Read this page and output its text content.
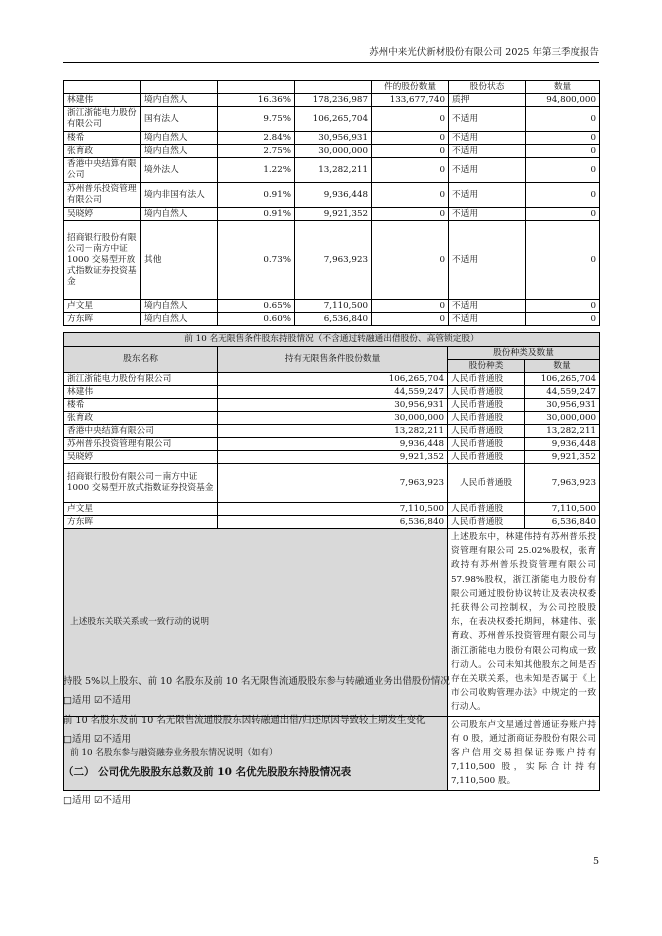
苏州中来光伏新材股份有限公司 2025 年第三季度报告
				件的股份数量	股份状态	数量
林建伟	境内自然人	16.36%	178,236,987	133,677,740	质押	94,800,000
浙江浙能电力股份有限公司	国有法人	9.75%	106,265,704	0	不适用	0
楼希	境内自然人	2.84%	30,956,931	0	不适用	0
张育政	境内自然人	2.75%	30,000,000	0	不适用	0
香港中央结算有限公司	境外法人	1.22%	13,282,211	0	不适用	0
苏州普乐投资管理有限公司	境内非国有法人	0.91%	9,936,448	0	不适用	0
吴晓婷	境内自然人	0.91%	9,921,352	0	不适用	0
招商银行股份有限公司－南方中证 1000 交易型开放式指数证券投资基金	其他	0.73%	7,963,923	0	不适用	0
卢文星	境内自然人	0.65%	7,110,500	0	不适用	0
方东晖	境内自然人	0.60%	6,536,840	0	不适用	0
前 10 名无限售条件股东持股情况（不含通过转融通出借股份、高管锁定股）			
股东名称	持有无限售条件股份数量	股份种类及数量	
		股份种类	数量
浙江浙能电力股份有限公司	106,265,704	人民币普通股	106,265,704
林建伟	44,559,247	人民币普通股	44,559,247
楼希	30,956,931	人民币普通股	30,956,931
张育政	30,000,000	人民币普通股	30,000,000
香港中央结算有限公司	13,282,211	人民币普通股	13,282,211
苏州普乐投资管理有限公司	9,936,448	人民币普通股	9,936,448
吴晓婷	9,921,352	人民币普通股	9,921,352
招商银行股份有限公司－南方中证 1000 交易型开放式指数证券投资基金	7,963,923	人民币普通股	7,963,923
卢文星	7,110,500	人民币普通股	7,110,500
方东晖	6,536,840	人民币普通股	6,536,840
上述股东关联关系或一致行动的说明		上述股东中，林建伟持有苏州普乐投资管理有限公司 25.02%股权，张育政持有苏州普乐投资管理有限公司 57.98%股权，浙江浙能电力股份有限公司通过股份协议转让及表决权委托获得公司控制权，为公司控股股东，在表决权委托期间，林建伟、张育政、苏州普乐投资管理有限公司与浙江浙能电力股份有限公司构成一致行动人。公司未知其他股东之间是否存在关联关系，也未知是否属于《上市公司收购管理办法》中规定的一致行动人。	
前 10 名股东参与融资融券业务股东情况说明（如有）		公司股东卢文星通过普通证券账户持有 0 股，通过浙商证券股份有限公司客户信用交易担保证券账户持有 7,110,500 股，实际合计持有 7,110,500 股。	
持股 5%以上股东、前 10 名股东及前 10 名无限售流通股股东参与转融通业务出借股份情况
□适用 ☑不适用
前 10 名股东及前 10 名无限售流通股股东因转融通出借/归还原因导致较上期发生变化
□适用 ☑不适用
（二） 公司优先股股东总数及前 10 名优先股股东持股情况表
□适用 ☑不适用
5
